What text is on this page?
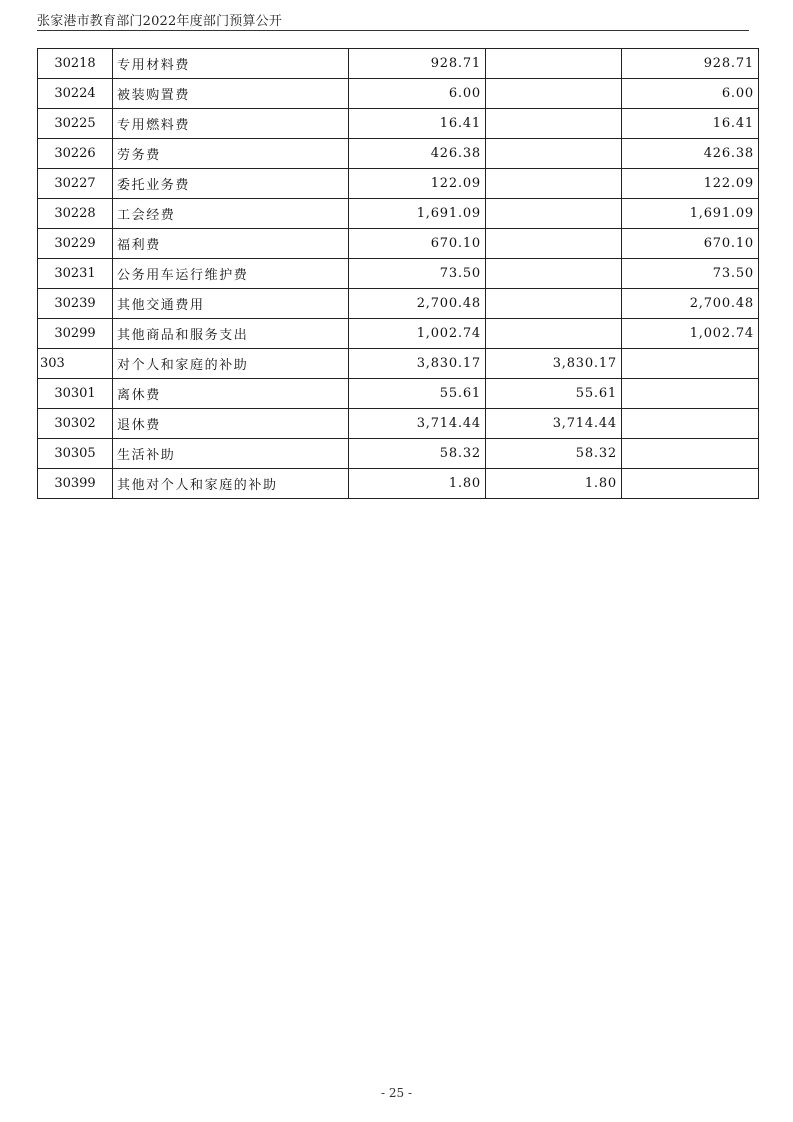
张家港市教育部门2022年度部门预算公开
30218	专用材料费	928.71		928.71
30224	被装购置费	6.00		6.00
30225	专用燃料费	16.41		16.41
30226	劳务费	426.38		426.38
30227	委托业务费	122.09		122.09
30228	工会经费	1,691.09		1,691.09
30229	福利费	670.10		670.10
30231	公务用车运行维护费	73.50		73.50
30239	其他交通费用	2,700.48		2,700.48
30299	其他商品和服务支出	1,002.74		1,002.74
303	对个人和家庭的补助	3,830.17	3,830.17	
30301	离休费	55.61	55.61	
30302	退休费	3,714.44	3,714.44	
30305	生活补助	58.32	58.32	
30399	其他对个人和家庭的补助	1.80	1.80	
- 25 -
